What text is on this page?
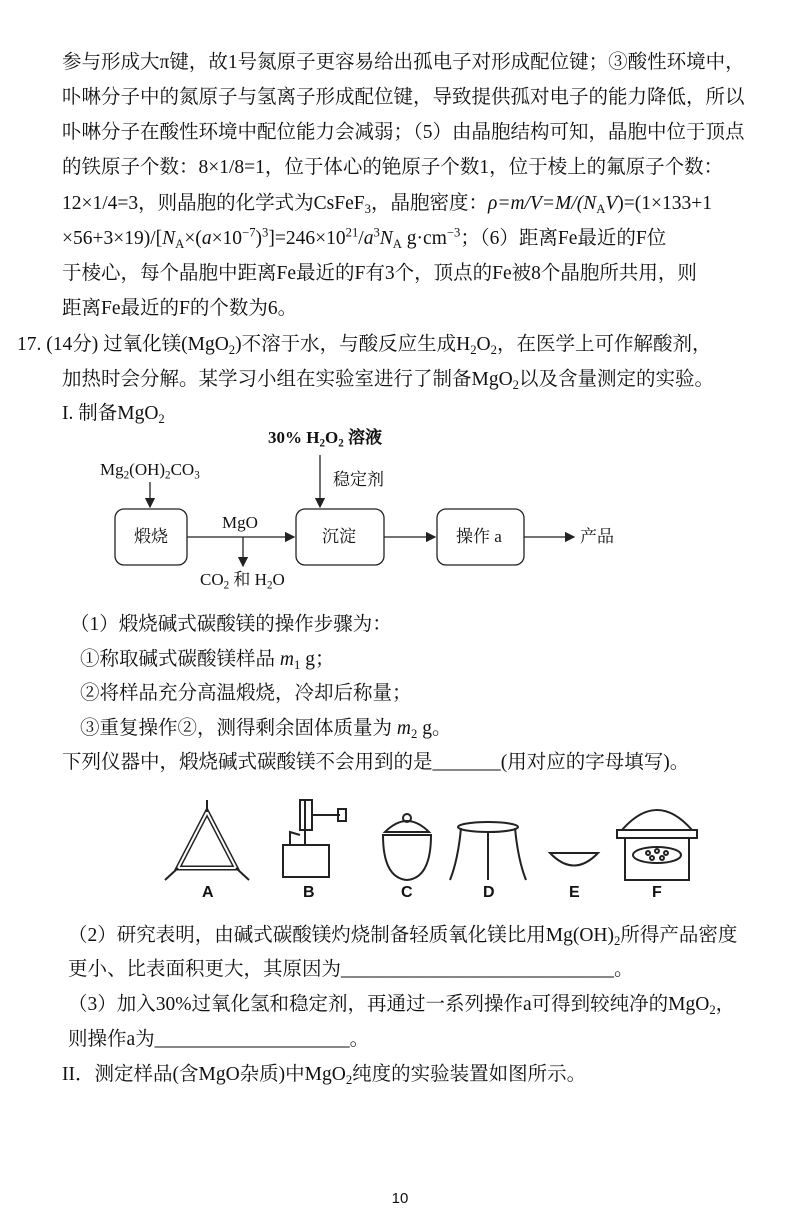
参与形成大π键，故1号氮原子更容易给出孤电子对形成配位键；③酸性环境中，
卟啉分子中的氮原子与氢离子形成配位键，导致提供孤对电子的能力降低，所以
卟啉分子在酸性环境中配位能力会减弱；（5）由晶胞结构可知，晶胞中位于顶点
的铁原子个数：8×1/8=1，位于体心的铯原子个数1，位于棱上的氟原子个数：
12×1/4=3，则晶胞的化学式为CsFeF$_3$，晶胞密度：$\rho=m/V=M/(N_AV)=(1\times 133+1$
$\times 56+3\times 19)/[N_A\times(a\times 10^{-7})^3]=246\times 10^{21}/a^3N_A$ $g\cdot cm^{-3}$；（6）距离Fe最近的F位
于棱心，每个晶胞中距离Fe最近的F有3个，顶点的Fe被8个晶胞所共用，则
距离Fe最近的F的个数为6。
17. (14分) 过氧化镁(MgO$_2$)不溶于水，与酸反应生成$H_2O_2$，在医学上可作解酸剂，
加热时会分解。某学习小组在实验室进行了制备MgO$_2$以及含量测定的实验。
I. 制备MgO$_2$
（1）煅烧碱式碳酸镁的操作步骤为：
①称取碱式碳酸镁样品 $m_1$ g；
②将样品充分高温煅烧，冷却后称量；
③重复操作②，测得剩余固体质量为 $m_2$ g。
下列仪器中，煅烧碱式碳酸镁不会用到的是_______(用对应的字母填写)。
（2）研究表明，由碱式碳酸镁灼烧制备轻质氧化镁比用$Mg(OH)_2$所得产品密度
更小、比表面积更大，其原因为____________________________。
（3）加入30%过氧化氢和稳定剂，再通过一系列操作a可得到较纯净的MgO$_2$，
则操作a为____________________。
II．测定样品(含MgO杂质)中MgO$_2$纯度的实验装置如图所示。
$Mg_2(OH)_2CO_3$
30% $H_2O_2$ 溶液
稳定剂
煅烧
MgO
沉淀	操作 a	产品
$CO_2$ 和 $H_2O$
A	B	C	D	E	F
10
